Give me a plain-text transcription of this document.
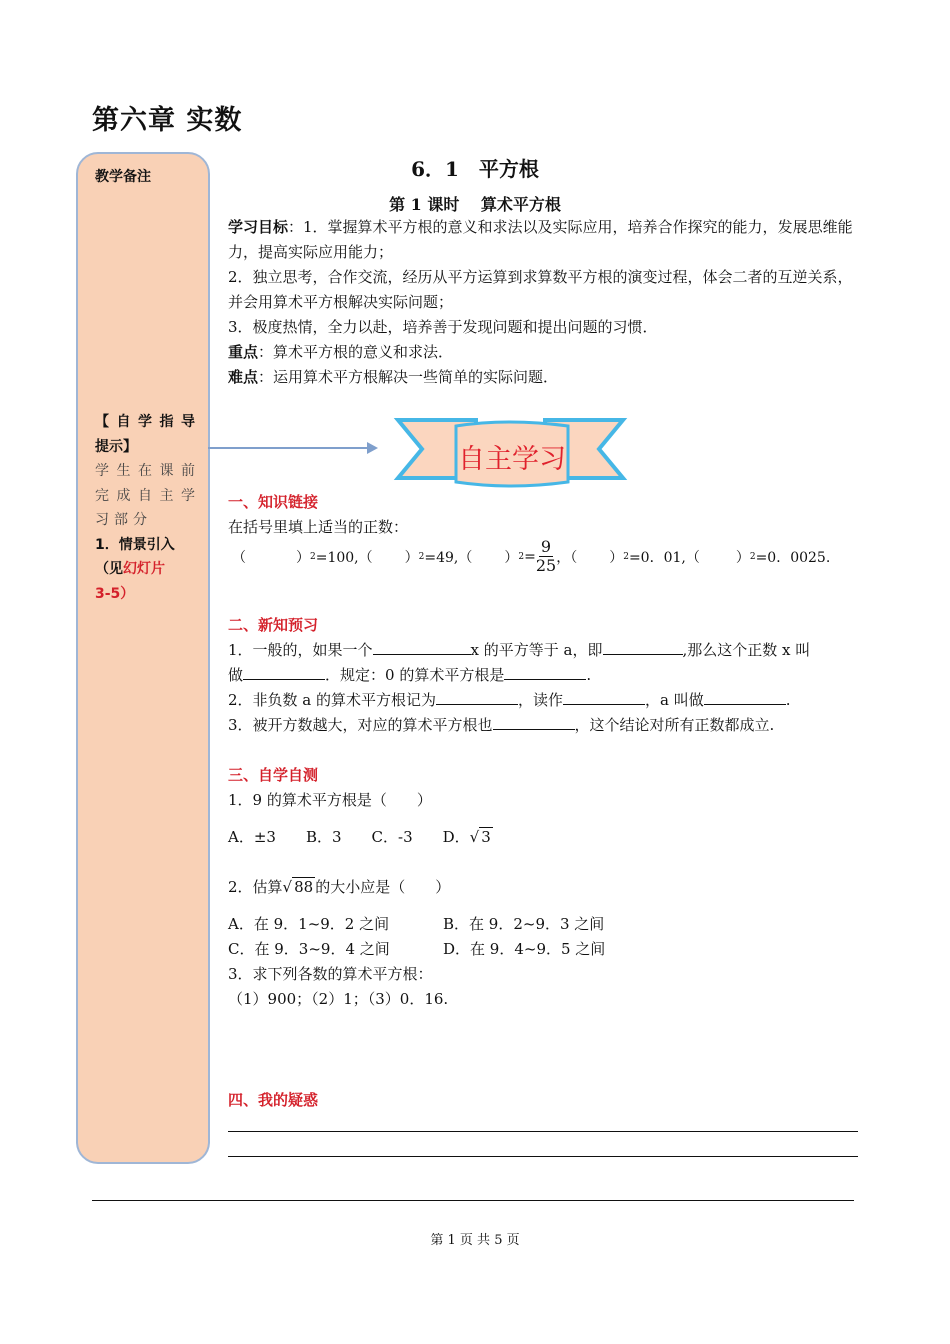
第六章 实数
教学备注
【 自 学 指 导
提示】
学 生 在 课 前
完 成 自 主 学
习部分
1．情景引入
（见幻灯片
3-5）
6．1　平方根
第 1 课时　 算术平方根
学习目标：1．掌握算术平方根的意义和求法以及实际应用，培养合作探究的能力，发展思维能力，提高实际应用能力；
2．独立思考，合作交流，经历从平方运算到求算数平方根的演变过程，体会二者的互逆关系，并会用算术平方根解决实际问题；
3．极度热情，全力以赴，培养善于发现问题和提出问题的习惯．
重点：算术平方根的意义和求法．
难点：运用算术平方根解决一些简单的实际问题．
自主学习
一、知识链接
在括号里填上适当的正数：
（	） 2 =100,（ ） 2 =49,（ ） $2 = \frac{9}{25}$ ，（ ） 2 =0．01,（	） 2 =0．0025.
二、新知预习
1．一般的，如果一个	x 的平方等于 a，即	,那么这个正数 x 叫
做	．规定：0 的算术平方根是	.
2．非负数 a 的算术平方根记为	，读作	，a 叫做	.
3．被开方数越大，对应的算术平方根也	，这个结论对所有正数都成立.
三、自学自测
1．9 的算术平方根是（　　）
A．±3 B．3 C．-3 D．√ 3
2．估算√ 88 的大小应是（　　）
A．在 9．1~9．2 之间	B．在 9．2~9．3 之间
C．在 9．3~9．4 之间	D．在 9．4~9．5 之间
3．求下列各数的算术平方根：
（1）900；（2）1；（3）0．16.
四、我的疑惑
第 1 页 共 5 页
